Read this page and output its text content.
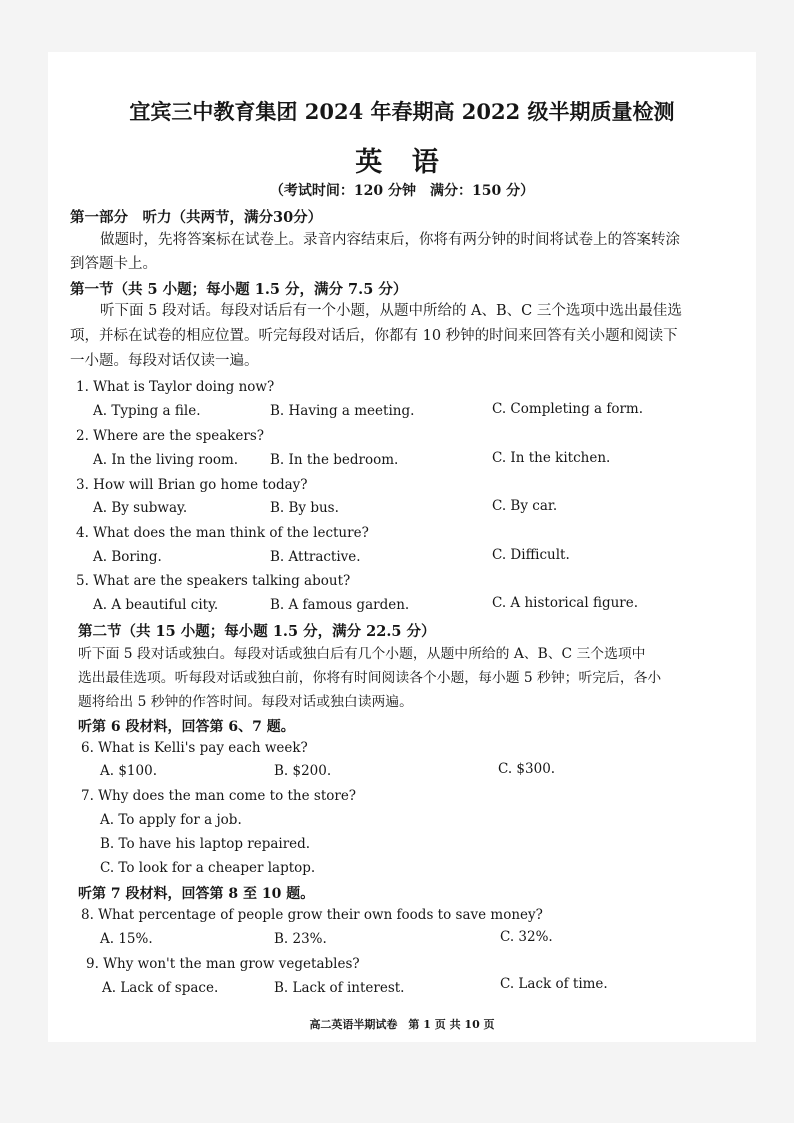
宜宾三中教育集团 2024 年春期高 2022 级半期质量检测
英 语
（考试时间：120 分钟　满分：150 分）
第一部分　听力（共两节，满分30分）
做题时，先将答案标在试卷上。录音内容结束后，你将有两分钟的时间将试卷上的答案转涂
到答题卡上。
第一节（共 5 小题；每小题 1.5 分，满分 7.5 分）
听下面 5 段对话。每段对话后有一个小题，从题中所给的 A、B、C 三个选项中选出最佳选
项，并标在试卷的相应位置。听完每段对话后，你都有 10 秒钟的时间来回答有关小题和阅读下
一小题。每段对话仅读一遍。
1. What is Taylor doing now?
A. Typing a file.	B. Having a meeting.	C. Completing a form.
2. Where are the speakers?
A. In the living room. B. In the bedroom.	C. In the kitchen.
3. How will Brian go home today?
A. By subway.	B. By bus.	C. By car.
4. What does the man think of the lecture?
A. Boring.	B. Attractive.	C. Difficult.
5. What are the speakers talking about?
A. A beautiful city.	B. A famous garden.	C. A historical figure.
第二节（共 15 小题；每小题 1.5 分，满分 22.5 分）
听下面 5 段对话或独白。每段对话或独白后有几个小题，从题中所给的 A、B、C 三个选项中
选出最佳选项。听每段对话或独白前，你将有时间阅读各个小题，每小题 5 秒钟；听完后，各小
题将给出 5 秒钟的作答时间。每段对话或独白读两遍。
听第 6 段材料，回答第 6、7 题。
6. What is Kelli's pay each week?
A. $100.	B. $200.	C. $300.
7. Why does the man come to the store?
A. To apply for a job.
B. To have his laptop repaired.
C. To look for a cheaper laptop.
听第 7 段材料，回答第 8 至 10 题。
8. What percentage of people grow their own foods to save money?
A. 15%.	B. 23%.	C. 32%.
9. Why won't the man grow vegetables?
A. Lack of space.	B. Lack of interest.	C. Lack of time.
高二英语半期试卷　第 1 页 共 10 页
